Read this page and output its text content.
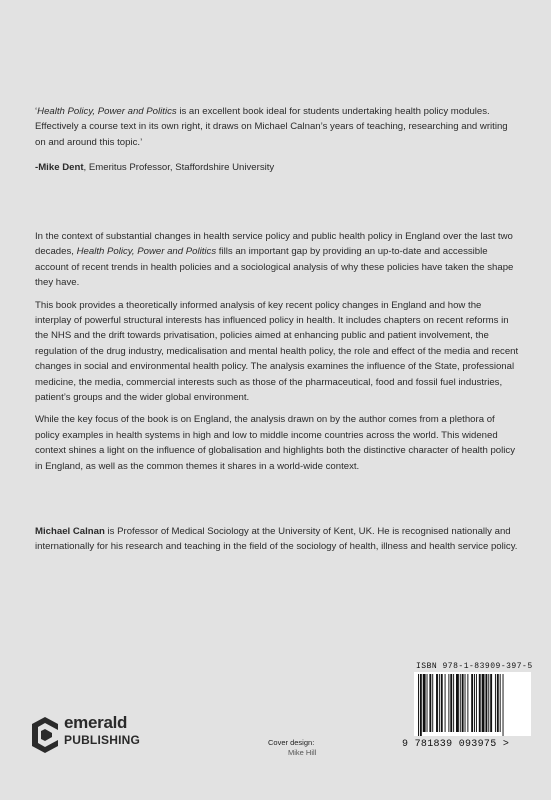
‘Health Policy, Power and Politics is an excellent book ideal for students undertaking health policy modules. Effectively a course text in its own right, it draws on Michael Calnan’s years of teaching, researching and writing on and around this topic.’

-Mike Dent, Emeritus Professor, Staffordshire University

In the context of substantial changes in health service policy and public health policy in England over the last two decades, Health Policy, Power and Politics fills an important gap by providing an up-to-date and accessible account of recent trends in health policies and a sociological analysis of why these policies have taken the shape they have.

This book provides a theoretically informed analysis of key recent policy changes in England and how the interplay of powerful structural interests has influenced policy in health. It includes chapters on recent reforms in the NHS and the drift towards privatisation, policies aimed at enhancing public and patient involvement, the regulation of the drug industry, medicalisation and mental health policy, the role and effect of the media and recent changes in social and environmental health policy. The analysis examines the influence of the State, professional medicine, the media, commercial interests such as those of the pharmaceutical, food and fossil fuel industries, patient’s groups and the wider global environment.

While the key focus of the book is on England, the analysis drawn on by the author comes from a plethora of policy examples in health systems in high and low to middle income countries across the world. This widened context shines a light on the influence of globalisation and highlights both the distinctive character of health policy in England, as well as the common themes it shares in a world-wide context.

Michael Calnan is Professor of Medical Sociology at the University of Kent, UK. He is recognised nationally and internationally for his research and teaching in the field of the sociology of health, illness and health service policy.

emerald
PUBLISHING	Cover design:
Mike Hill
ISBN 978-1-83909-397-5
9 781839 093975 >
